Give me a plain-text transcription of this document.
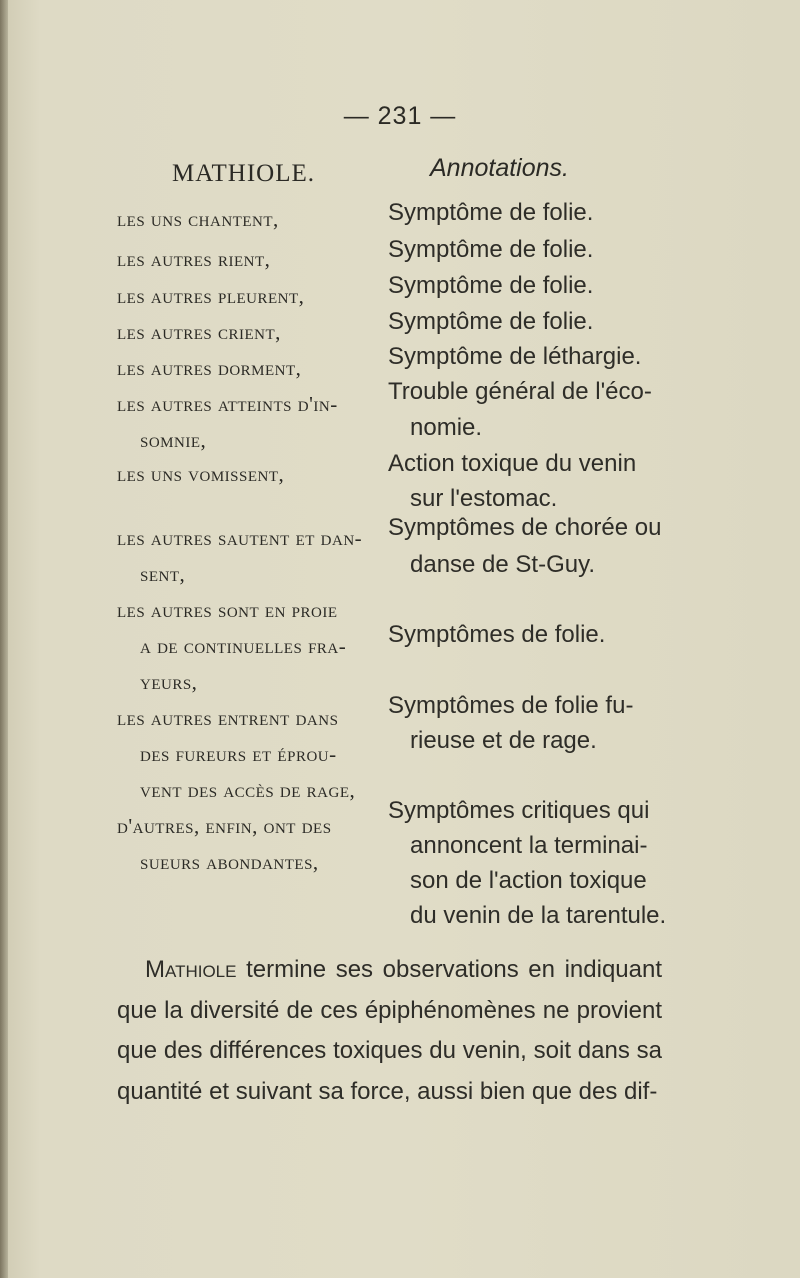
— 231 —
MATHIOLE.	Annotations.
les uns chantent,
les autres rient,
les autres pleurent,
les autres crient,
les autres dorment,
les autres atteints d'in-
somnie,
les uns vomissent,
les autres sautent et dan-
sent,
les autres sont en proie
a de continuelles fra-
yeurs,
les autres entrent dans
des fureurs et éprou-
vent des accès de rage,
d'autres, enfin, ont des
sueurs abondantes,
Symptôme de folie.
Symptôme de folie.
Symptôme de folie.
Symptôme de folie.
Symptôme de léthargie.
Trouble général de l'éco-
nomie.
Action toxique du venin
sur l'estomac.
Symptômes de chorée ou
danse de St-Guy.
Symptômes de folie.
Symptômes de folie fu-
rieuse et de rage.
Symptômes critiques qui
annoncent la terminai-
son de l'action toxique
du venin de la tarentule.
Mathiole termine ses observations en indiquant que la diversité de ces épiphénomènes ne provient que des différences toxiques du venin, soit dans sa quantité et suivant sa force, aussi bien que des dif-
